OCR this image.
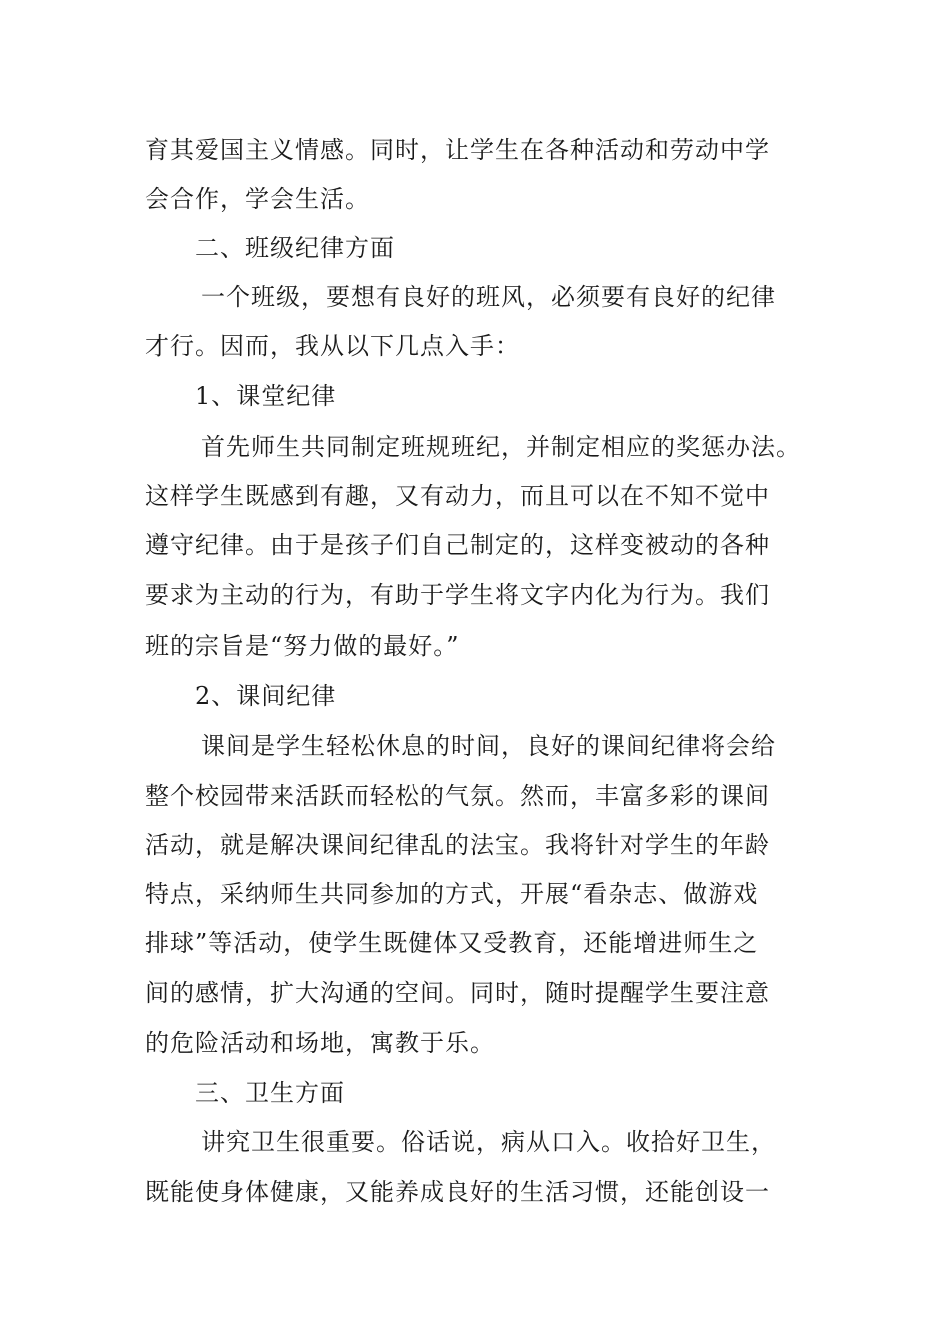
育其爱国主义情感。同时，让学生在各种活动和劳动中学
会合作，学会生活。
二、班级纪律方面
一个班级，要想有良好的班风，必须要有良好的纪律
才行。因而，我从以下几点入手：
1、课堂纪律
首先师生共同制定班规班纪，并制定相应的奖惩办法。
这样学生既感到有趣，又有动力，而且可以在不知不觉中
遵守纪律。由于是孩子们自己制定的，这样变被动的各种
要求为主动的行为，有助于学生将文字内化为行为。我们
班的宗旨是“努力做的最好。”
2、课间纪律
课间是学生轻松休息的时间，良好的课间纪律将会给
整个校园带来活跃而轻松的气氛。然而，丰富多彩的课间
活动，就是解决课间纪律乱的法宝。我将针对学生的年龄
特点，采纳师生共同参加的方式，开展“看杂志、做游戏
排球”等活动，使学生既健体又受教育，还能增进师生之
间的感情，扩大沟通的空间。同时，随时提醒学生要注意
的危险活动和场地，寓教于乐。
三、卫生方面
讲究卫生很重要。俗话说，病从口入。收拾好卫生，
既能使身体健康，又能养成良好的生活习惯，还能创设一
